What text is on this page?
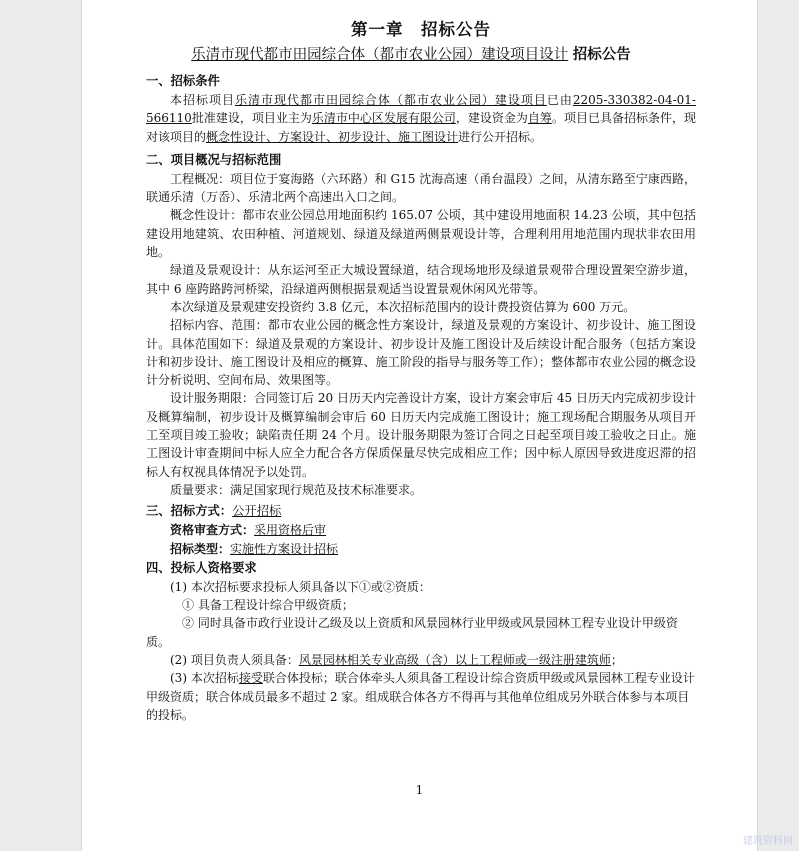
第一章　招标公告
乐清市现代都市田园综合体（都市农业公园）建设项目设计 招标公告
一、招标条件

本招标项目乐清市现代都市田园综合体（都市农业公园）建设项目已由2205-330382-04-01-566110批准建设，项目业主为乐清市中心区发展有限公司，建设资金为自筹。项目已具备招标条件，现对该项目的概念性设计、方案设计、初步设计、施工图设计进行公开招标。

二、项目概况与招标范围

工程概况：项目位于宴海路（六环路）和 G15 沈海高速（甬台温段）之间，从清东路至宁康西路，联通乐清（万岙）、乐清北两个高速出入口之间。

概念性设计：都市农业公园总用地面积约 165.07 公顷，其中建设用地面积 14.23 公顷，其中包括建设用地建筑、农田种植、河道规划、绿道及绿道两侧景观设计等，合理利用用地范围内现状非农田用地。

绿道及景观设计：从东运河至正大城设置绿道，结合现场地形及绿道景观带合理设置架空游步道，其中 6 座跨路跨河桥梁，沿绿道两侧根据景观适当设置景观休闲风光带等。

本次绿道及景观建安投资约 3.8 亿元，本次招标范围内的设计费投资估算为 600 万元。

招标内容、范围：都市农业公园的概念性方案设计，绿道及景观的方案设计、初步设计、施工图设计。具体范围如下：绿道及景观的方案设计、初步设计及施工图设计及后续设计配合服务（包括方案设计和初步设计、施工图设计及相应的概算、施工阶段的指导与服务等工作）；整体都市农业公园的概念设计分析说明、空间布局、效果图等。

设计服务期限：合同签订后 20 日历天内完善设计方案，设计方案会审后 45 日历天内完成初步设计及概算编制，初步设计及概算编制会审后 60 日历天内完成施工图设计；施工现场配合期服务从项目开工至项目竣工验收；缺陷责任期 24 个月。设计服务期限为签订合同之日起至项目竣工验收之日止。施工图设计审查期间中标人应全力配合各方保质保量尽快完成相应工作；因中标人原因导致进度迟滞的招标人有权视具体情况予以处罚。

质量要求：满足国家现行规范及技术标准要求。

三、招标方式：公开招标
资格审查方式：采用资格后审
招标类型：实施性方案设计招标
四、投标人资格要求
(1) 本次招标要求投标人须具备以下①或②资质：
① 具备工程设计综合甲级资质；
② 同时具备市政行业设计乙级及以上资质和风景园林行业甲级或风景园林工程专业设计甲级资质。
(2) 项目负责人须具备：风景园林相关专业高级（含）以上工程师或一级注册建筑师；
(3) 本次招标接受联合体投标；联合体牵头人须具备工程设计综合资质甲级或风景园林工程专业设计甲级资质；联合体成员最多不超过 2 家。组成联合体各方不得再与其他单位组成另外联合体参与本项目的投标。
1
建筑资料网
